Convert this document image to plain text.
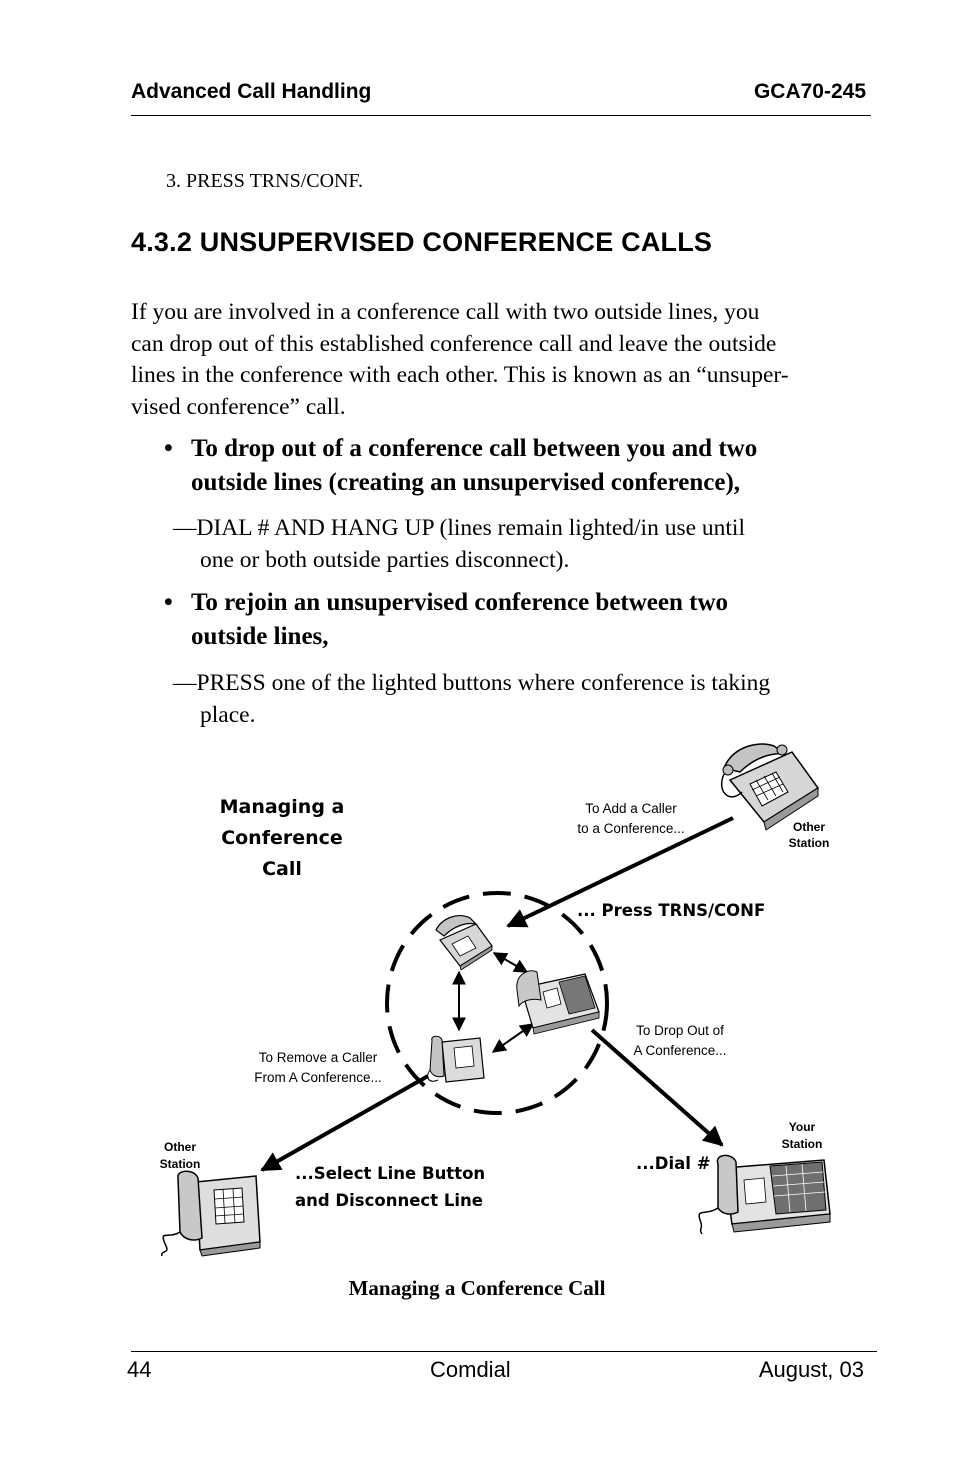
Advanced Call Handling	GCA70-245
3. PRESS TRNS/CONF.
4.3.2 UNSUPERVISED CONFERENCE CALLS
If you are involved in a conference call with two outside lines, you
can drop out of this established conference call and leave the outside
lines in the conference with each other. This is known as an “unsuper-
vised conference” call.
• To drop out of a conference call between you and two
outside lines (creating an unsupervised conference),
—DIAL # AND HANG UP (lines remain lighted/in use until
one or both outside parties disconnect).
• To rejoin an unsupervised conference between two
outside lines,
—PRESS one of the lighted buttons where conference is taking
place.
Managing a
Conference
Call
To Add a Caller
to a Conference...	Other
Station
... Press TRNS/CONF
To Drop Out of
A Conference...
To Remove a Caller
From A Conference...
Other
Station
Your
Station
...Select Line Button
and Disconnect Line
...Dial #
Managing a Conference Call
44	Comdial	August, 03
